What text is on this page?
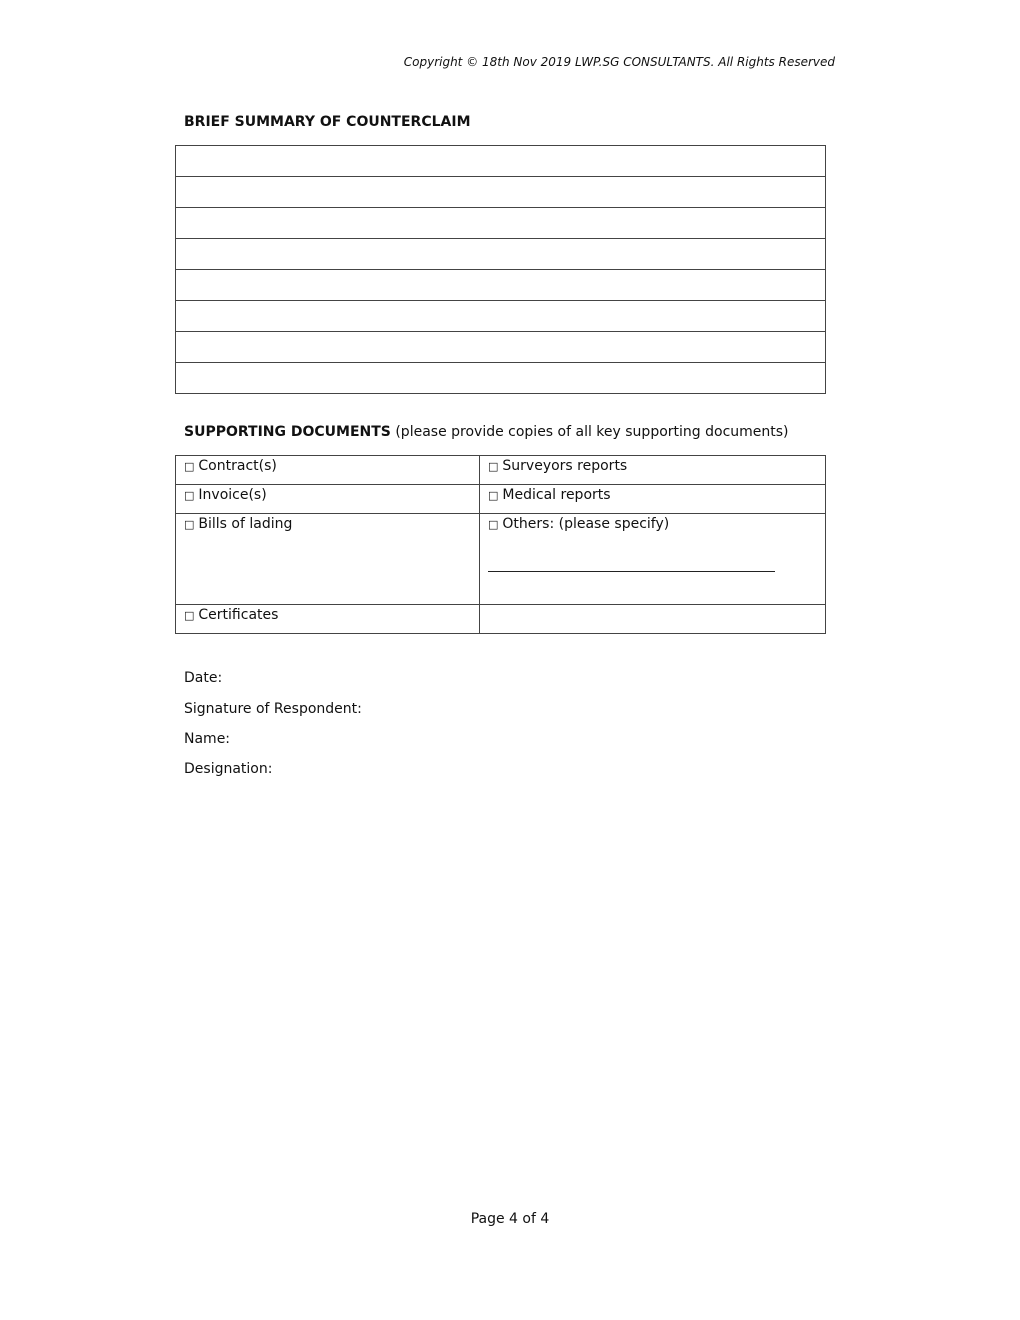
Copyright © 18th Nov 2019 LWP.SG CONSULTANTS. All Rights Reserved
BRIEF SUMMARY OF COUNTERCLAIM

SUPPORTING DOCUMENTS (please provide copies of all key supporting documents)
□ Contract(s)	□ Surveyors reports
□ Invoice(s)	□ Medical reports
□ Bills of lading	□ Others: (please specify)

□ Certificates	
Date:
Signature of Respondent:
Name:
Designation:
Page 4 of 4
